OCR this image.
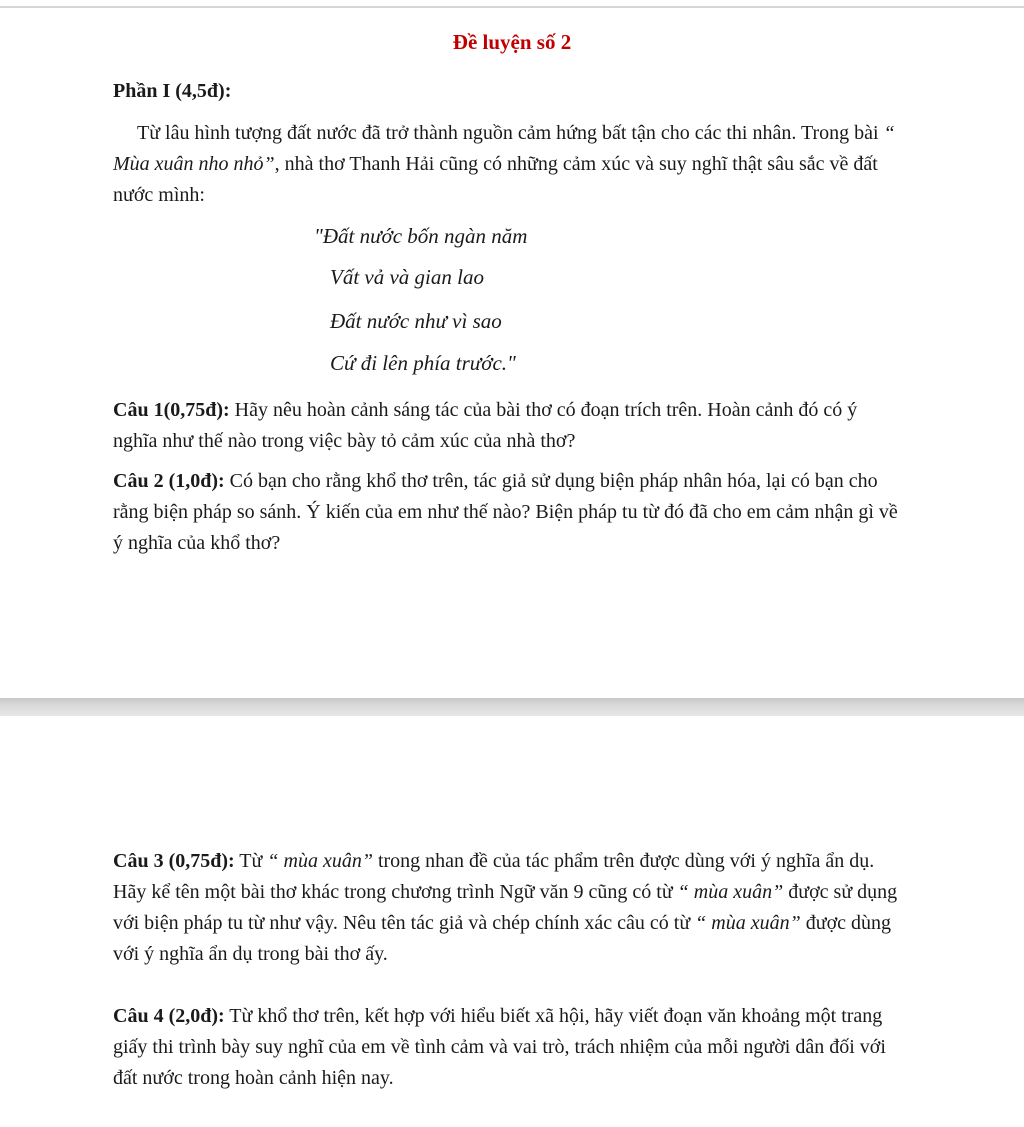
Đề luyện số 2
Phần I (4,5đ):

Từ lâu hình tượng đất nước đã trở thành nguồn cảm hứng bất tận cho các thi nhân. Trong bài “ Mùa xuân nho nhỏ”, nhà thơ Thanh Hải cũng có những cảm xúc và suy nghĩ thật sâu sắc về đất nước mình:

"Đất nước bốn ngàn năm
Vất vả và gian lao
Đất nước như vì sao
Cứ đi lên phía trước."

Câu 1(0,75đ): Hãy nêu hoàn cảnh sáng tác của bài thơ có đoạn trích trên. Hoàn cảnh đó có ý nghĩa như thế nào trong việc bày tỏ cảm xúc của nhà thơ?

Câu 2 (1,0đ): Có bạn cho rằng khổ thơ trên, tác giả sử dụng biện pháp nhân hóa, lại có bạn cho rằng biện pháp so sánh. Ý kiến của em như thế nào? Biện pháp tu từ đó đã cho em cảm nhận gì về ý nghĩa của khổ thơ?

Câu 3 (0,75đ): Từ “ mùa xuân” trong nhan đề của tác phẩm trên được dùng với ý nghĩa ẩn dụ. Hãy kể tên một bài thơ khác trong chương trình Ngữ văn 9 cũng có từ “ mùa xuân” được sử dụng với biện pháp tu từ như vậy. Nêu tên tác giả và chép chính xác câu có từ “ mùa xuân” được dùng với ý nghĩa ẩn dụ trong bài thơ ấy.

Câu 4 (2,0đ): Từ khổ thơ trên, kết hợp với hiểu biết xã hội, hãy viết đoạn văn khoảng một trang giấy thi trình bày suy nghĩ của em về tình cảm và vai trò, trách nhiệm của mỗi người dân đối với đất nước trong hoàn cảnh hiện nay.
